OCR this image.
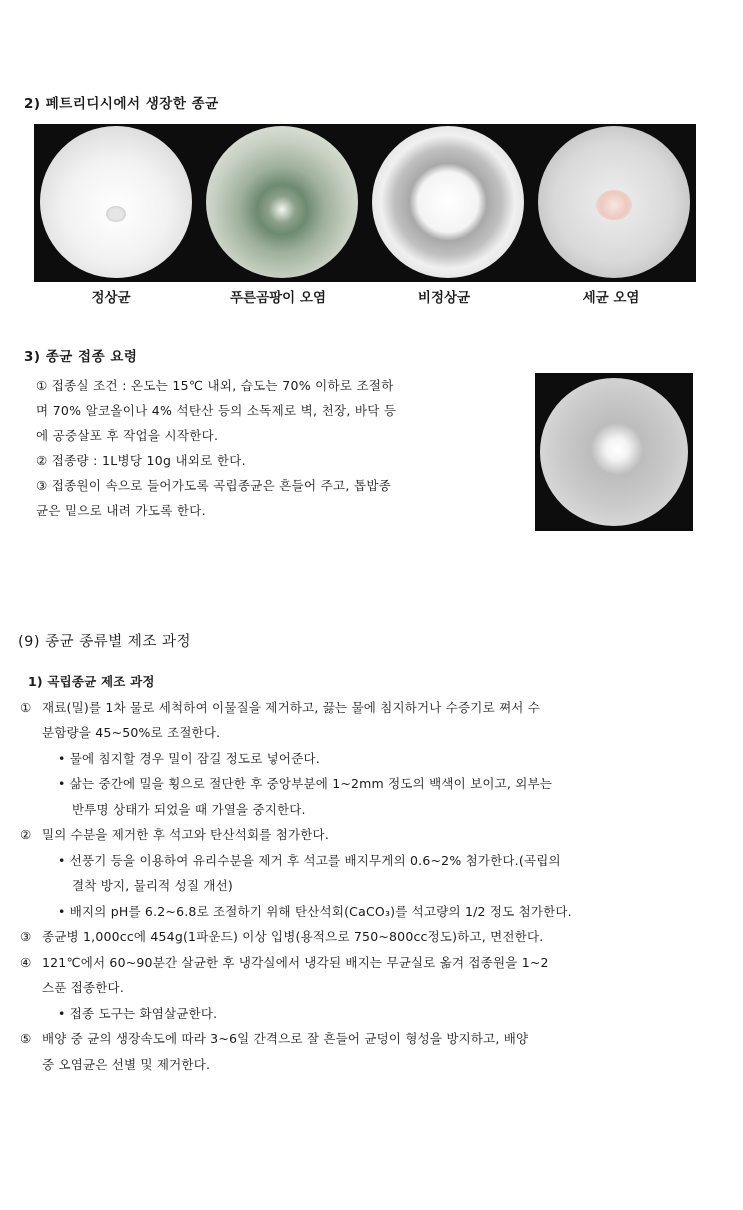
2) 페트리디시에서 생장한 종균
정상균	푸른곰팡이 오염	비정상균	세균 오염
3) 종균 접종 요령

① 접종실 조건 : 온도는 15℃ 내외, 습도는 70% 이하로 조절하

며 70% 알코올이나 4% 석탄산 등의 소독제로 벽, 천장, 바닥 등

에 공중살포 후 작업을 시작한다.

② 접종량 : 1L병당 10g 내외로 한다.

③ 접종원이 속으로 들어가도록 곡립종균은 흔들어 주고, 톱밥종

균은 밑으로 내려 가도록 한다.

(9) 종균 종류별 제조 과정

1) 곡립종균 제조 과정

① 재료(밀)를 1차 물로 세척하여 이물질을 제거하고, 끓는 물에 침지하거나 수증기로 쪄서 수

분함량을 45~50%로 조절한다.

• 물에 침지할 경우 밀이 잠길 정도로 넣어준다.

• 삶는 중간에 밀을 횡으로 절단한 후 중앙부분에 1~2mm 정도의 백색이 보이고, 외부는

반투명 상태가 되었을 때 가열을 중지한다.

② 밀의 수분을 제거한 후 석고와 탄산석회를 첨가한다.

• 선풍기 등을 이용하여 유리수분을 제거 후 석고를 배지무게의 0.6~2% 첨가한다.(곡립의

결착 방지, 물리적 성질 개선)

• 배지의 pH를 6.2~6.8로 조절하기 위해 탄산석회(CaCO₃)를 석고량의 1/2 정도 첨가한다.

③ 종균병 1,000cc에 454g(1파운드) 이상 입병(용적으로 750~800cc정도)하고, 면전한다.

④ 121℃에서 60~90분간 살균한 후 냉각실에서 냉각된 배지는 무균실로 옮겨 접종원을 1~2

스푼 접종한다.

• 접종 도구는 화염살균한다.

⑤ 배양 중 균의 생장속도에 따라 3~6일 간격으로 잘 흔들어 균덩이 형성을 방지하고, 배양

중 오염균은 선별 및 제거한다.
